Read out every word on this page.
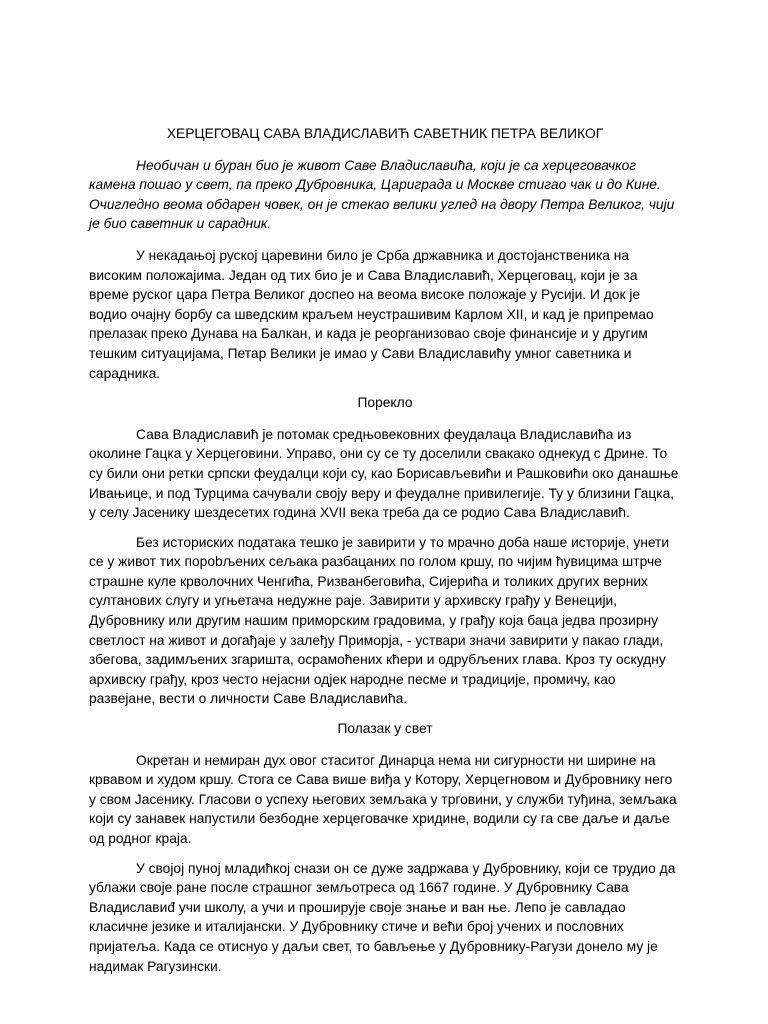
ХЕРЦЕГОВАЦ САВА ВЛАДИСЛАВИЋ САВЕТНИК ПЕТРА ВЕЛИКОГ

Необичан и буран био је живот Саве Владиславића, који је са херцеговачког камена пошао у свет, па преко Дубровника, Цариграда и Москве стигао чак и до Кине. Очигледно веома обдарен човек, он је стекао велики углед на двору Петра Великог, чији је био саветник и сарадник.

У некадањој руској царевини било је Срба државника и достојанственика на високим положајима. Један од тих био је и Сава Владиславић, Херцеговац, који је за време руског цара Петра Великог доспео на веома високе положаје у Русији. И док је водио очајну борбу са шведским краљем неустрашивим Карлом XII, и кад је припремао прелазак преко Дунава на Балкан, и када је реорганизовао своје финансије и у другим тешким ситуацијама, Петар Велики је имао у Сави Владиславићу умног саветника и сарадника.

Порекло

Сава Владиславић је потомак средњовековних феудалаца Владиславића из околине Гацка у Херцеговини. Управо, они су се ту доселили свакако однекуд с Дрине. То су били они ретки српски феудалци који су, као Борисављевићи и Рашковићи око данашње Ивањице, и под Турцима сачували своју веру и феудалне привилегије. Ту у близини Гацка, у селу Јасенику шездесетих година XVII века треба да се родио Сава Владиславић.

Без историских података тешко је завирити у то мрачно доба наше историје, унети се у живот тих порobљених сељака разбацаних по голом кршу, по чијим ћувицима штрче страшне куле крволочних Ченгића, Ризванбеговића, Сијерића и толиких других верних султанових слугу и угњетача недужне раје. Завирити у архивску грађу у Венецији, Дубровнику или другим нашим приморским градовима, у грађу која баца једва прозирну светлост на живот и догађаје у залеђу Приморја, - уствари значи завирити у пакао глади, збегова, задимљених згаришта, осрамоћених кћери и одрубљених глава. Кроз ту оскудну архивску грађу, кроз често нејасни одјек народне песме и традиције, промичу, као развејане, вести о личности Саве Владиславића.

Полазак у свет

Окретан и немиран дух овог стаситог Динарца нема ни сигурности ни ширине на крвавом и худом кршу. Стога се Сава више виђа у Котору, Херцегновом и Дубровнику него у свом Јасенику. Гласови о успеху његових земљака у трговини, у служби туђина, земљака који су занавек напустили безбодне херцеговачке хридине, водили су га све даље и даље од родног краја.

У својој пуној младићкој снази он се дуже задржава у Дубровнику, који се трудио да ублажи своје ране после страшног земљотреса од 1667 године. У Дубровнику Сава Владиславиđ учи школу, а учи и проширује своје знање и ван ње. Лепо је савладао класичне језике и италијански. У Дубровнику стиче и већи број учених и пословних пријатеља. Када се отиснуо у даљи свет, то бављење у Дубровнику-Рагузи донело му је надимак Рагузински.
